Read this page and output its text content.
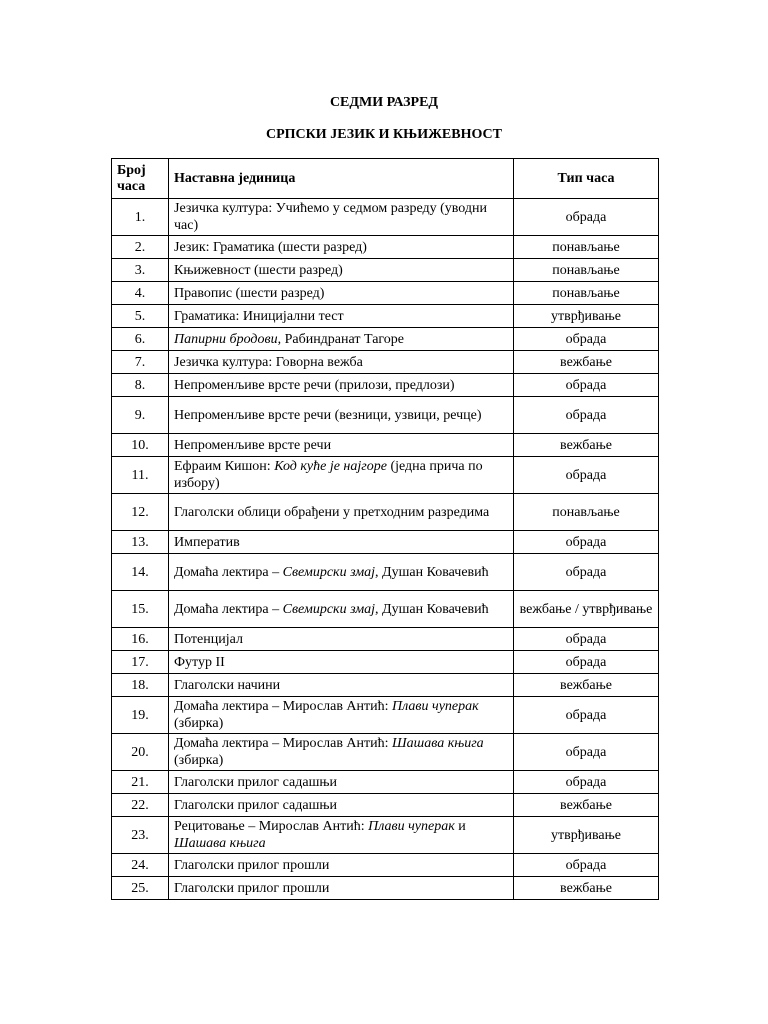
СЕДМИ РАЗРЕД
СРПСКИ ЈЕЗИК И КЊИЖЕВНОСТ
Број часа	Наставна јединица	Тип часа
1.	Језичка култура: Учићемо у седмом разреду (уводни час)	обрада
2.	Језик: Граматика (шести разред)	понављање
3.	Књижевност (шести разред)	понављање
4.	Правопис (шести разред)	понављање
5.	Граматика: Иницијални тест	утврђивање
6.	Папирни бродови, Рабиндранат Тагоре	обрада
7.	Језичка култура: Говорна вежба	вежбање
8.	Непроменљиве врсте речи (прилози, предлози)	обрада
9.	Непроменљиве врсте речи (везници, узвици, речце)	обрада
10.	Непроменљиве врсте речи	вежбање
11.	Ефраим Кишон: Код куће је најгоре (једна прича по избору)	обрада
12.	Глаголски облици обрађени у претходним разредима	понављање
13.	Императив	обрада
14.	Домаћа лектира – Свемирски змај, Душан Ковачевић	обрада
15.	Домаћа лектира – Свемирски змај, Душан Ковачевић	вежбање / утврђивање
16.	Потенцијал	обрада
17.	Футур II	обрада
18.	Глаголски начини	вежбање
19.	Домаћа лектира – Мирослав Антић: Плави чуперак (збирка)	обрада
20.	Домаћа лектира – Мирослав Антић: Шашава књига (збирка)	обрада
21.	Глаголски прилог садашњи	обрада
22.	Глаголски прилог садашњи	вежбање
23.	Рецитовање – Мирослав Антић: Плави чуперак и Шашава књига	утврђивање
24.	Глаголски прилог прошли	обрада
25.	Глаголски прилог прошли	вежбање
